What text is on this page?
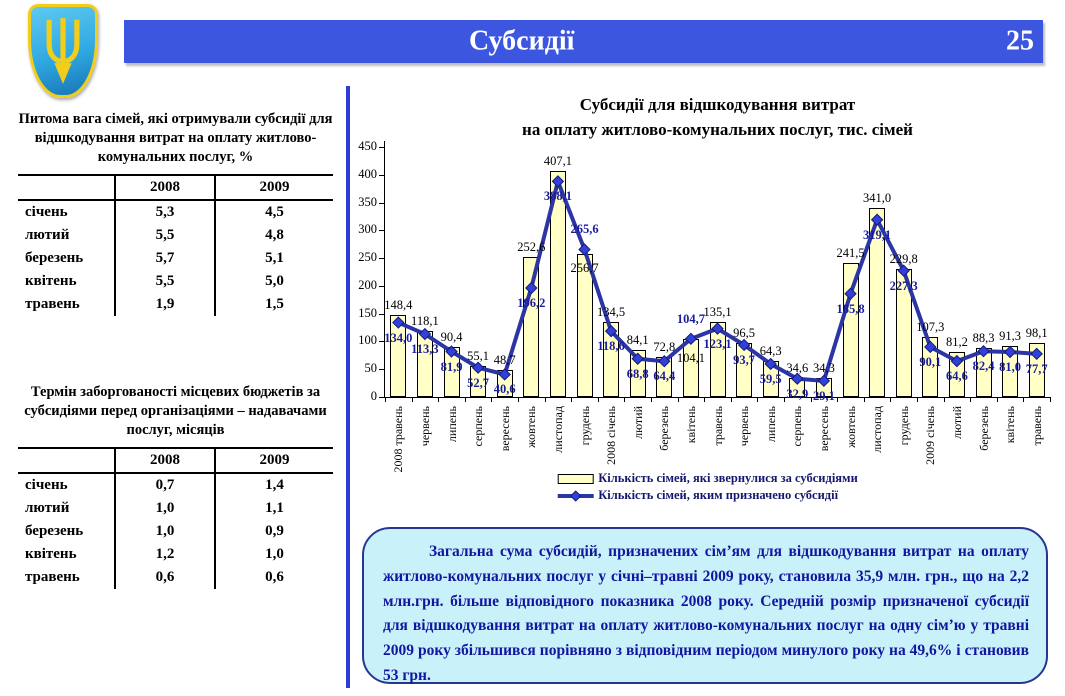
Субсидії	25
Питома вага сімей, які отримували субсидії для відшкодування витрат на оплату житлово-комунальних послуг, %
	2008	2009
січень	5,3	4,5
лютий	5,5	4,8
березень	5,7	5,1
квітень	5,5	5,0
травень	1,9	1,5
Термін заборгованості місцевих бюджетів за субсидіями перед організаціями – надавачами послуг, місяців
	2008	2009
січень	0,7	1,4
лютий	1,0	1,1
березень	1,0	0,9
квітень	1,2	1,0
травень	0,6	0,6
Субсидії для відшкодування витрат
на оплату житлово-комунальних послуг, тис. сімей
0
50
100
150
200
250
300
350
400
450
148,4
134,0
2008 травень
118,1
113,3
червень
90,4
81,9
липень
55,1
52,7
серпень
48,7
40,6
вересень
252,6
196,2
жовтень
407,1
388,1
листопад
256,7
265,6
грудень
134,5
118,6
2008 січень
84,1
68,8
лютий
72,8
64,4
березень
104,1
104,7
квітень
135,1
123,1
травень
96,5
93,7
червень
64,3
59,5
липень
34,6
32,9
серпень
34,3
29,1
вересень
241,5
185,8
жовтень
341,0
319,1
листопад
229,8
227,3
грудень
107,3
90,1
2009 січень
81,2
64,6
лютий
88,3
82,4
березень
91,3
81,0
квітень
98,1
77,7
травень
Кількість сімей, які звернулися за субсидіями
Кількість сімей, яким призначено субсидії

Загальна сума субсидій, призначених сім’ям для відшкодування витрат на оплату житлово-комунальних послуг у січні–травні 2009 року, становила 35,9 млн. грн., що на 2,2 млн.грн. більше відповідного показника 2008 року. Середній розмір призначеної субсидії для відшкодування витрат на оплату житлово-комунальних послуг на одну сім’ю у травні 2009 року збільшився порівняно з відповідним періодом минулого року на 49,6% і становив 53 грн.
